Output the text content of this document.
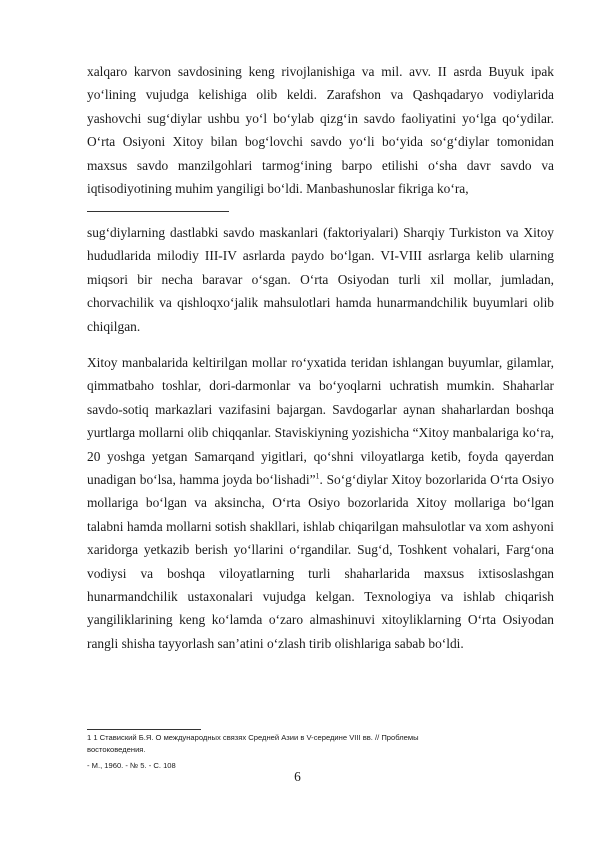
xalqaro karvon savdosining keng rivojlanishiga va mil. avv. II asrda Buyuk ipak yo‘lining vujudga kelishiga olib keldi. Zarafshon va Qashqadaryo vodiylarida yashovchi sug‘diylar ushbu yo‘l bo‘ylab qizg‘in savdo faoliyatini yo‘lga qo‘ydilar. O‘rta Osiyoni Xitoy bilan bog‘lovchi savdo yo‘li bo‘yida so‘g‘diylar tomonidan maxsus savdo manzilgohlari tarmog‘ining barpo etilishi o‘sha davr savdo va iqtisodiyotining muhim yangiligi bo‘ldi. Manbashunoslar fikriga ko‘ra,

sug‘diylarning dastlabki savdo maskanlari (faktoriyalari) Sharqiy Turkiston va Xitoy hududlarida milodiy III-IV asrlarda paydo bo‘lgan. VI-VIII asrlarga kelib ularning miqsori bir necha baravar o‘sgan. O‘rta Osiyodan turli xil mollar, jumladan, chorvachilik va qishloqxo‘jalik mahsulotlari hamda hunarmandchilik buyumlari olib chiqilgan.

Xitoy manbalarida keltirilgan mollar ro‘yxatida teridan ishlangan buyumlar, gilamlar, qimmatbaho toshlar, dori-darmonlar va bo‘yoqlarni uchratish mumkin. Shaharlar savdo-sotiq markazlari vazifasini bajargan. Savdogarlar aynan shaharlardan boshqa yurtlarga mollarni olib chiqqanlar. Staviskiyning yozishicha “Xitoy manbalariga ko‘ra, 20 yoshga yetgan Samarqand yigitlari, qo‘shni viloyatlarga ketib, foyda qayerdan unadigan bo‘lsa, hamma joyda bo‘lishadi”$^1$. So‘g‘diylar Xitoy bozorlarida O‘rta Osiyo mollariga bo‘lgan va aksincha, O‘rta Osiyo bozorlarida Xitoy mollariga bo‘lgan talabni hamda mollarni sotish shakllari, ishlab chiqarilgan mahsulotlar va xom ashyoni xaridorga yetkazib berish yo‘llarini o‘rgandilar. Sug‘d, Toshkent vohalari, Farg‘ona vodiysi va boshqa viloyatlarning turli shaharlarida maxsus ixtisoslashgan hunarmandchilik ustaxonalari vujudga kelgan. Texnologiya va ishlab chiqarish yangiliklarining keng ko‘lamda o‘zaro almashinuvi xitoyliklarning O‘rta Osiyodan rangli shisha tayyorlash san’atini o‘zlash tirib olishlariga sabab bo‘ldi.

1 1 Ставиский Б.Я. О международных связях Средней Азии в V-середине VIII вв. // Проблемы

востоковедения.

- М., 1960. - № 5. - С. 108

6
